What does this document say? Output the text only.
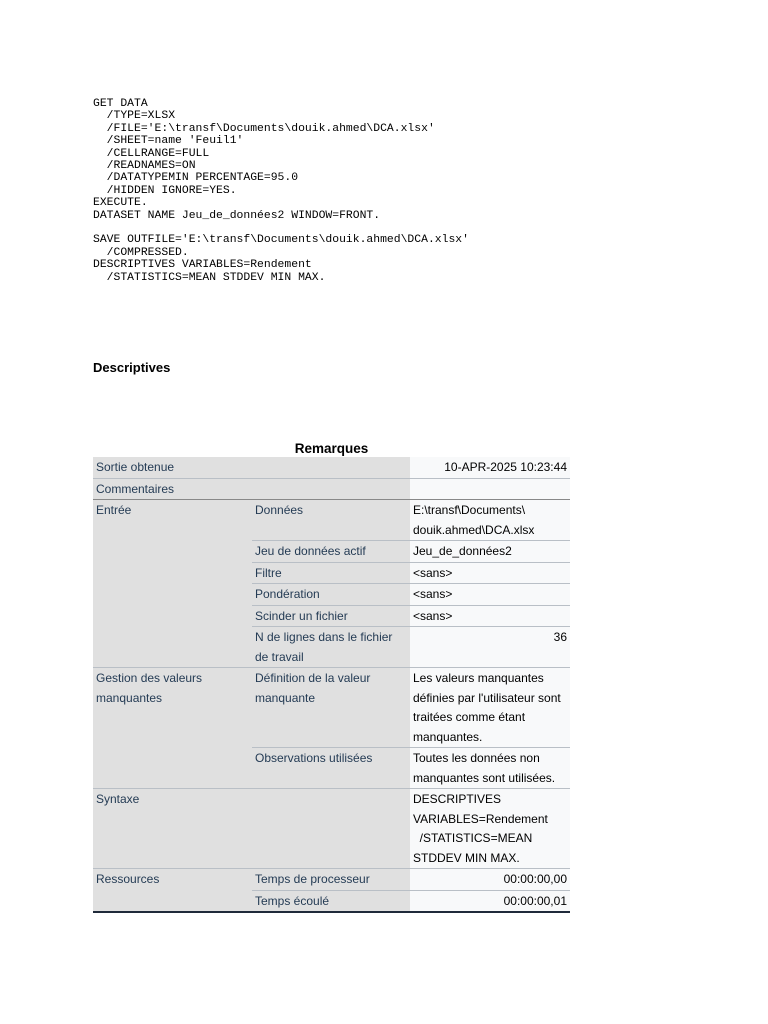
GET DATA
/TYPE=XLSX
/FILE='E:\transf\Documents\douik.ahmed\DCA.xlsx'
/SHEET=name 'Feuil1'
/CELLRANGE=FULL
/READNAMES=ON
/DATATYPEMIN PERCENTAGE=95.0
/HIDDEN IGNORE=YES.
EXECUTE.
DATASET NAME Jeu_de_données2 WINDOW=FRONT.

SAVE OUTFILE='E:\transf\Documents\douik.ahmed\DCA.xlsx'
/COMPRESSED.
DESCRIPTIVES VARIABLES=Rendement
/STATISTICS=MEAN STDDEV MIN MAX.
Descriptives
Remarques
Sortie obtenue		10-APR-2025 10:23:44
Commentaires		
Entrée	Données	E:\transf\Documents\ douik.ahmed\DCA.xlsx
	Jeu de données actif	Jeu_de_données2
	Filtre	<sans>
	Pondération	<sans>
	Scinder un fichier	<sans>
	N de lignes dans le fichier de travail	36
Gestion des valeurs manquantes	Définition de la valeur manquante	Les valeurs manquantes définies par l'utilisateur sont traitées comme étant manquantes.
	Observations utilisées	Toutes les données non manquantes sont utilisées.
Syntaxe		DESCRIPTIVES VARIABLES=Rendement
/STATISTICS=MEAN STDDEV MIN MAX.
Ressources	Temps de processeur	00:00:00,00
	Temps écoulé	00:00:00,01
